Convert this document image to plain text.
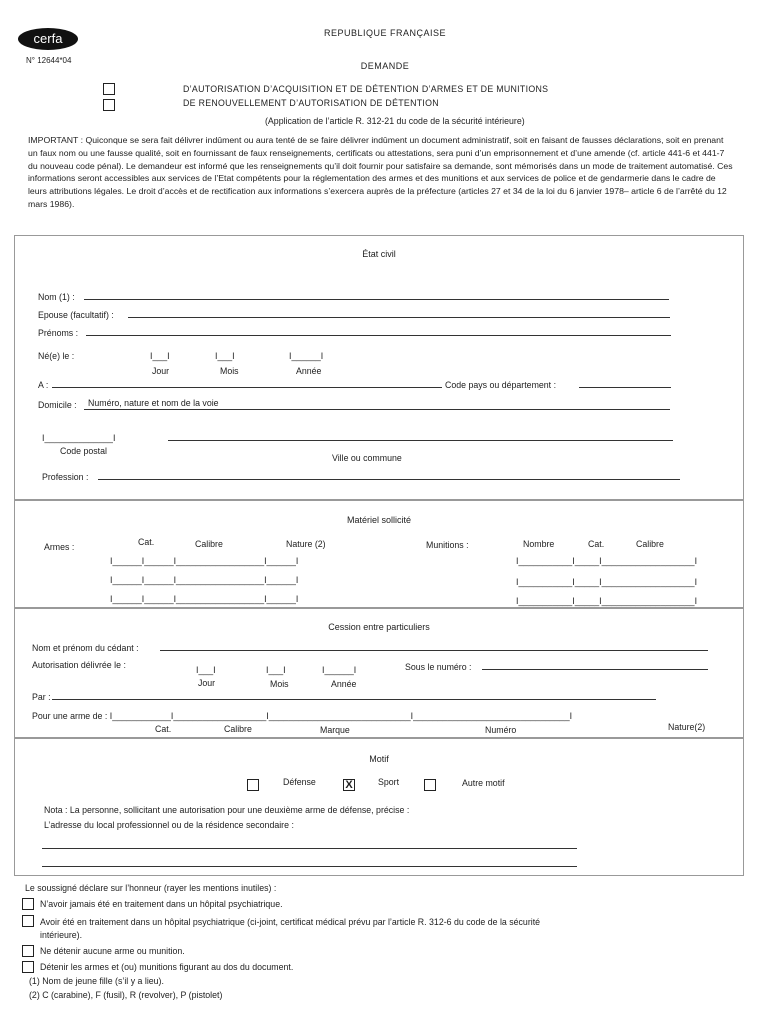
cerfa
N° 12644*04
REPUBLIQUE FRANÇAISE
DEMANDE
D’AUTORISATION D’ACQUISITION ET DE DÉTENTION D’ARMES ET DE MUNITIONS
DE RENOUVELLEMENT D’AUTORISATION DE DÉTENTION
(Application de l’article R. 312-21 du code de la sécurité intérieure)
IMPORTANT : Quiconque se sera fait délivrer indûment ou aura tenté de se faire délivrer indûment un document administratif, soit en faisant de fausses déclarations, soit en prenant un faux nom ou une fausse qualité, soit en fournissant de faux renseignements, certificats ou attestations, sera puni d’un emprisonnement et d’une amende (cf. article 441-6 et 441-7 du nouveau code pénal). Le demandeur est informé que les renseignements qu’il doit fournir pour satisfaire sa demande, sont mémorisés dans un mode de traitement automatisé. Ces informations seront accessibles aux services de l’Etat compétents pour la réglementation des armes et des munitions et aux services de police et de gendarmerie dans le cadre de leurs attributions légales. Le droit d’accès et de rectification aux informations s’exercera auprès de la préfecture (articles 27 et 34 de la loi du 6 janvier 1978– article 6 de l’arrêté du 12 mars 1986).
État civil
Nom (1) :
Epouse (facultatif) :
Prénoms :
Né(e) le :	I___I	I___I	I______I
Jour	Mois	Année
A :	Code pays ou département :
Domicile : Numéro, nature et nom de la voie
I______________I
Code postal
Ville ou commune
Profession :
Matériel sollicité
Armes :	Cat.	Calibre	Nature (2)	Munitions :	Nombre	Cat.	Calibre
I______I______I__________________I______I
I______I______I__________________I______I
I______I______I__________________I______I
I___________I_____I___________________I
I___________I_____I___________________I
I___________I_____I___________________I
Cession entre particuliers
Nom et prénom du cédant :
Autorisation délivrée le :	I___I	I___I	I______I
Jour	Mois	Année
Sous le numéro :
Par :
Pour une arme de : I____________I___________________I_____________________________I________________________________I
Cat.	Calibre	Marque	Numéro	Nature(2)
Motif
Défense	X	Sport	Autre motif
Nota : La personne, sollicitant une autorisation pour une deuxième arme de défense, précise :
L’adresse du local professionnel ou de la résidence secondaire :
Le soussigné déclare sur l’honneur (rayer les mentions inutiles) :
N’avoir jamais été en traitement dans un hôpital psychiatrique.
Avoir été en traitement dans un hôpital psychiatrique (ci-joint, certificat médical prévu par l’article R. 312-6 du code de la sécurité
intérieure).
Ne détenir aucune arme ou munition.
Détenir les armes et (ou) munitions figurant au dos du document.
(1) Nom de jeune fille (s’il y a lieu).
(2) C (carabine), F (fusil), R (revolver), P (pistolet)
